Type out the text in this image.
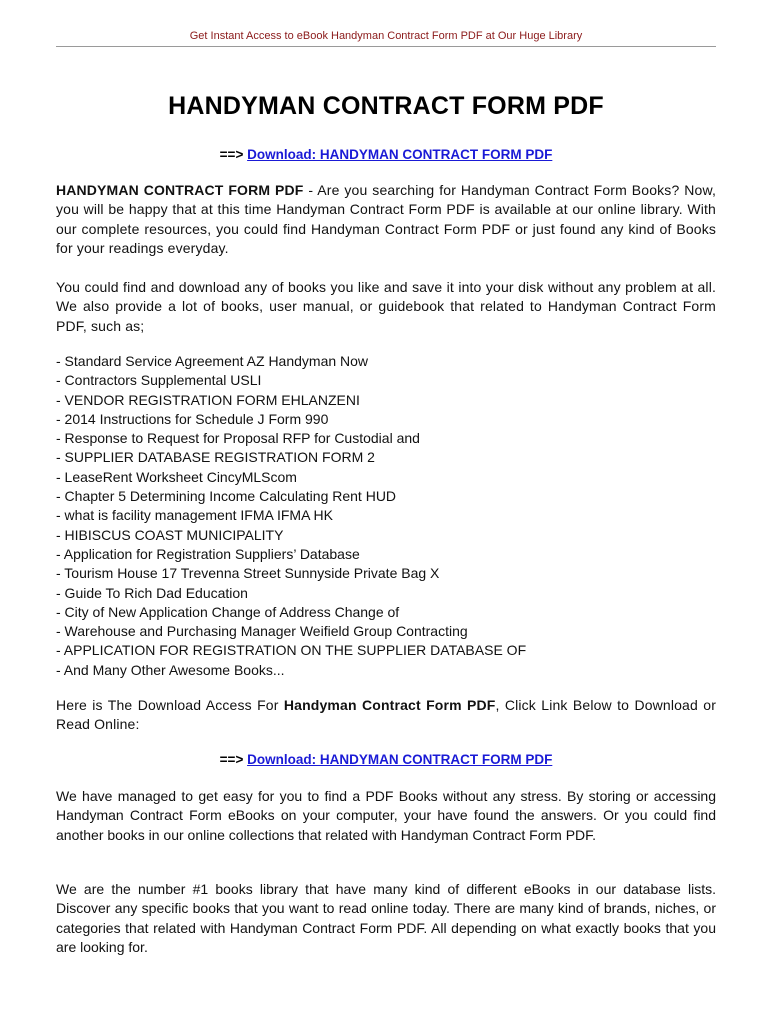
Get Instant Access to eBook Handyman Contract Form PDF at Our Huge Library
HANDYMAN CONTRACT FORM PDF
==> Download: HANDYMAN CONTRACT FORM PDF

HANDYMAN CONTRACT FORM PDF - Are you searching for Handyman Contract Form Books? Now, you will be happy that at this time Handyman Contract Form PDF is available at our online library. With our complete resources, you could find Handyman Contract Form PDF or just found any kind of Books for your readings everyday.

You could find and download any of books you like and save it into your disk without any problem at all. We also provide a lot of books, user manual, or guidebook that related to Handyman Contract Form PDF, such as;

- Standard Service Agreement AZ Handyman Now
- Contractors Supplemental USLI
- VENDOR REGISTRATION FORM EHLANZENI
- 2014 Instructions for Schedule J Form 990
- Response to Request for Proposal RFP for Custodial and
- SUPPLIER DATABASE REGISTRATION FORM 2
- LeaseRent Worksheet CincyMLScom
- Chapter 5 Determining Income Calculating Rent HUD
- what is facility management IFMA IFMA HK
- HIBISCUS COAST MUNICIPALITY
- Application for Registration Suppliers’ Database
- Tourism House 17 Trevenna Street Sunnyside Private Bag X
- Guide To Rich Dad Education
- City of New Application Change of Address Change of
- Warehouse and Purchasing Manager Weifield Group Contracting
- APPLICATION FOR REGISTRATION ON THE SUPPLIER DATABASE OF
- And Many Other Awesome Books...

Here is The Download Access For Handyman Contract Form PDF, Click Link Below to Download or Read Online:

==> Download: HANDYMAN CONTRACT FORM PDF

We have managed to get easy for you to find a PDF Books without any stress. By storing or accessing Handyman Contract Form eBooks on your computer, your have found the answers. Or you could find another books in our online collections that related with Handyman Contract Form PDF.

We are the number #1 books library that have many kind of different eBooks in our database lists. Discover any specific books that you want to read online today. There are many kind of brands, niches, or categories that related with Handyman Contract Form PDF. All depending on what exactly books that you are looking for.
